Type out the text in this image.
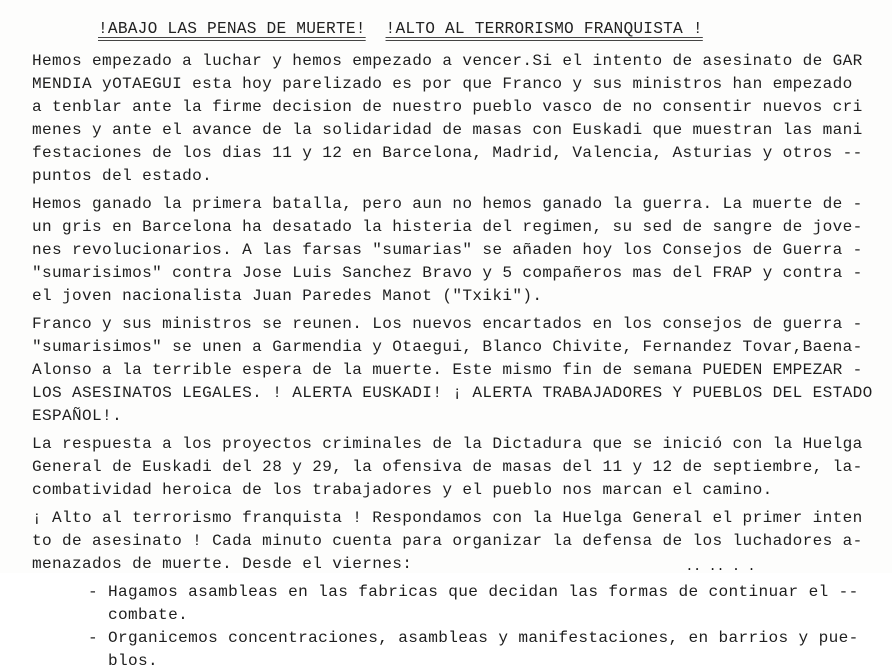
!ABAJO LAS PENAS DE MUERTE! !ALTO AL TERRORISMO FRANQUISTA !
Hemos empezado a luchar y hemos empezado a vencer.Si el intento de asesinato de GAR
MENDIA yOTAEGUI esta hoy parelizado es por que Franco y sus ministros han empezado
a tenblar ante la firme decision de nuestro pueblo vasco de no consentir nuevos cri
menes y ante el avance de la solidaridad de masas con Euskadi que muestran las mani
festaciones de los dias 11 y 12 en Barcelona, Madrid, Valencia, Asturias y otros --
puntos del estado.
Hemos ganado la primera batalla, pero aun no hemos ganado la guerra. La muerte de -
un gris en Barcelona ha desatado la histeria del regimen, su sed de sangre de jove-
nes revolucionarios. A las farsas "sumarias" se añaden hoy los Consejos de Guerra -
"sumarisimos" contra Jose Luis Sanchez Bravo y 5 compañeros mas del FRAP y contra -
el joven nacionalista Juan Paredes Manot ("Txiki").
Franco y sus ministros se reunen. Los nuevos encartados en los consejos de guerra -
"sumarisimos" se unen a Garmendia y Otaegui, Blanco Chivite, Fernandez Tovar,Baena-
Alonso a la terrible espera de la muerte. Este mismo fin de semana PUEDEN EMPEZAR -
LOS ASESINATOS LEGALES. ! ALERTA EUSKADI! ¡ ALERTA TRABAJADORES Y PUEBLOS DEL ESTADO
ESPAÑOL!.
La respuesta a los proyectos criminales de la Dictadura que se inició con la Huelga
General de Euskadi del 28 y 29, la ofensiva de masas del 11 y 12 de septiembre, la-
combatividad heroica de los trabajadores y el pueblo nos marcan el camino.
¡ Alto al terrorismo franquista ! Respondamos con la Huelga General el primer inten
to de asesinato ! Cada minuto cuenta para organizar la defensa de los luchadores a-
menazados de muerte. Desde el viernes:
- Hagamos asambleas en las fabricas que decidan las formas de continuar el --
combate.
- Organicemos concentraciones, asambleas y manifestaciones, en barrios y pue-
blos.
·· ·· · ·
